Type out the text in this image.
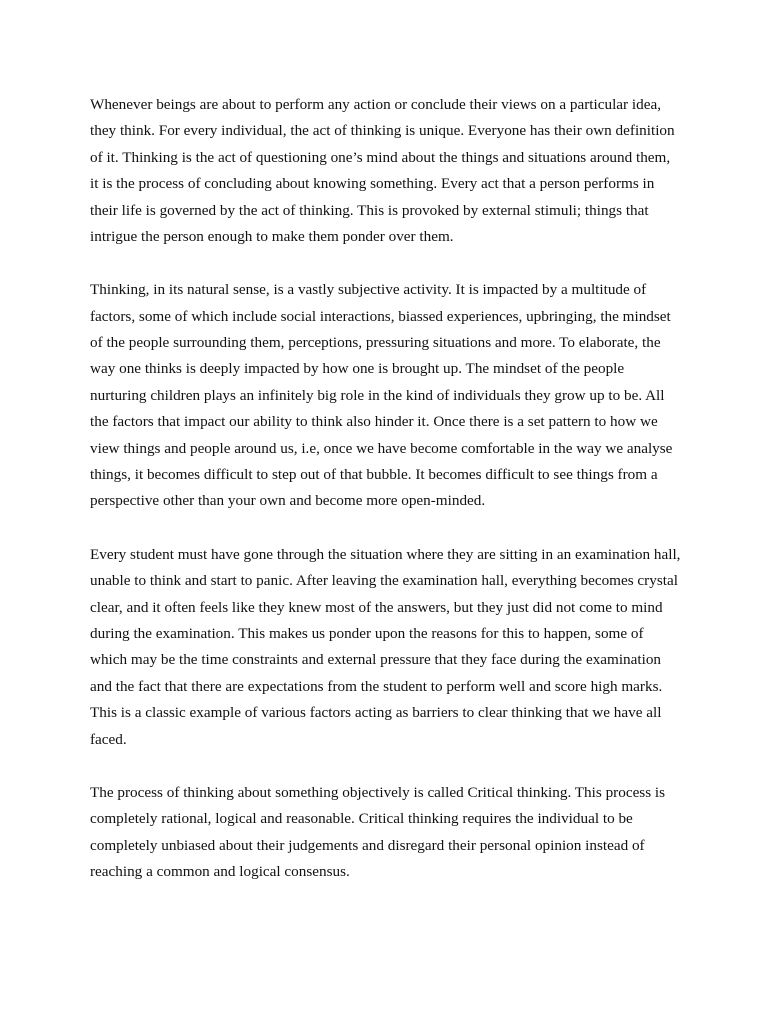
Whenever beings are about to perform any action or conclude their views on a particular idea,
they think. For every individual, the act of thinking is unique. Everyone has their own definition
of it. Thinking is the act of questioning one’s mind about the things and situations around them,
it is the process of concluding about knowing something. Every act that a person performs in
their life is governed by the act of thinking. This is provoked by external stimuli; things that
intrigue the person enough to make them ponder over them.

Thinking, in its natural sense, is a vastly subjective activity. It is impacted by a multitude of
factors, some of which include social interactions, biassed experiences, upbringing, the mindset
of the people surrounding them, perceptions, pressuring situations and more. To elaborate, the
way one thinks is deeply impacted by how one is brought up. The mindset of the people
nurturing children plays an infinitely big role in the kind of individuals they grow up to be. All
the factors that impact our ability to think also hinder it. Once there is a set pattern to how we
view things and people around us, i.e, once we have become comfortable in the way we analyse
things, it becomes difficult to step out of that bubble. It becomes difficult to see things from a
perspective other than your own and become more open-minded.

Every student must have gone through the situation where they are sitting in an examination hall,
unable to think and start to panic. After leaving the examination hall, everything becomes crystal
clear, and it often feels like they knew most of the answers, but they just did not come to mind
during the examination. This makes us ponder upon the reasons for this to happen, some of
which may be the time constraints and external pressure that they face during the examination
and the fact that there are expectations from the student to perform well and score high marks.
This is a classic example of various factors acting as barriers to clear thinking that we have all
faced.

The process of thinking about something objectively is called Critical thinking. This process is
completely rational, logical and reasonable. Critical thinking requires the individual to be
completely unbiased about their judgements and disregard their personal opinion instead of
reaching a common and logical consensus.
